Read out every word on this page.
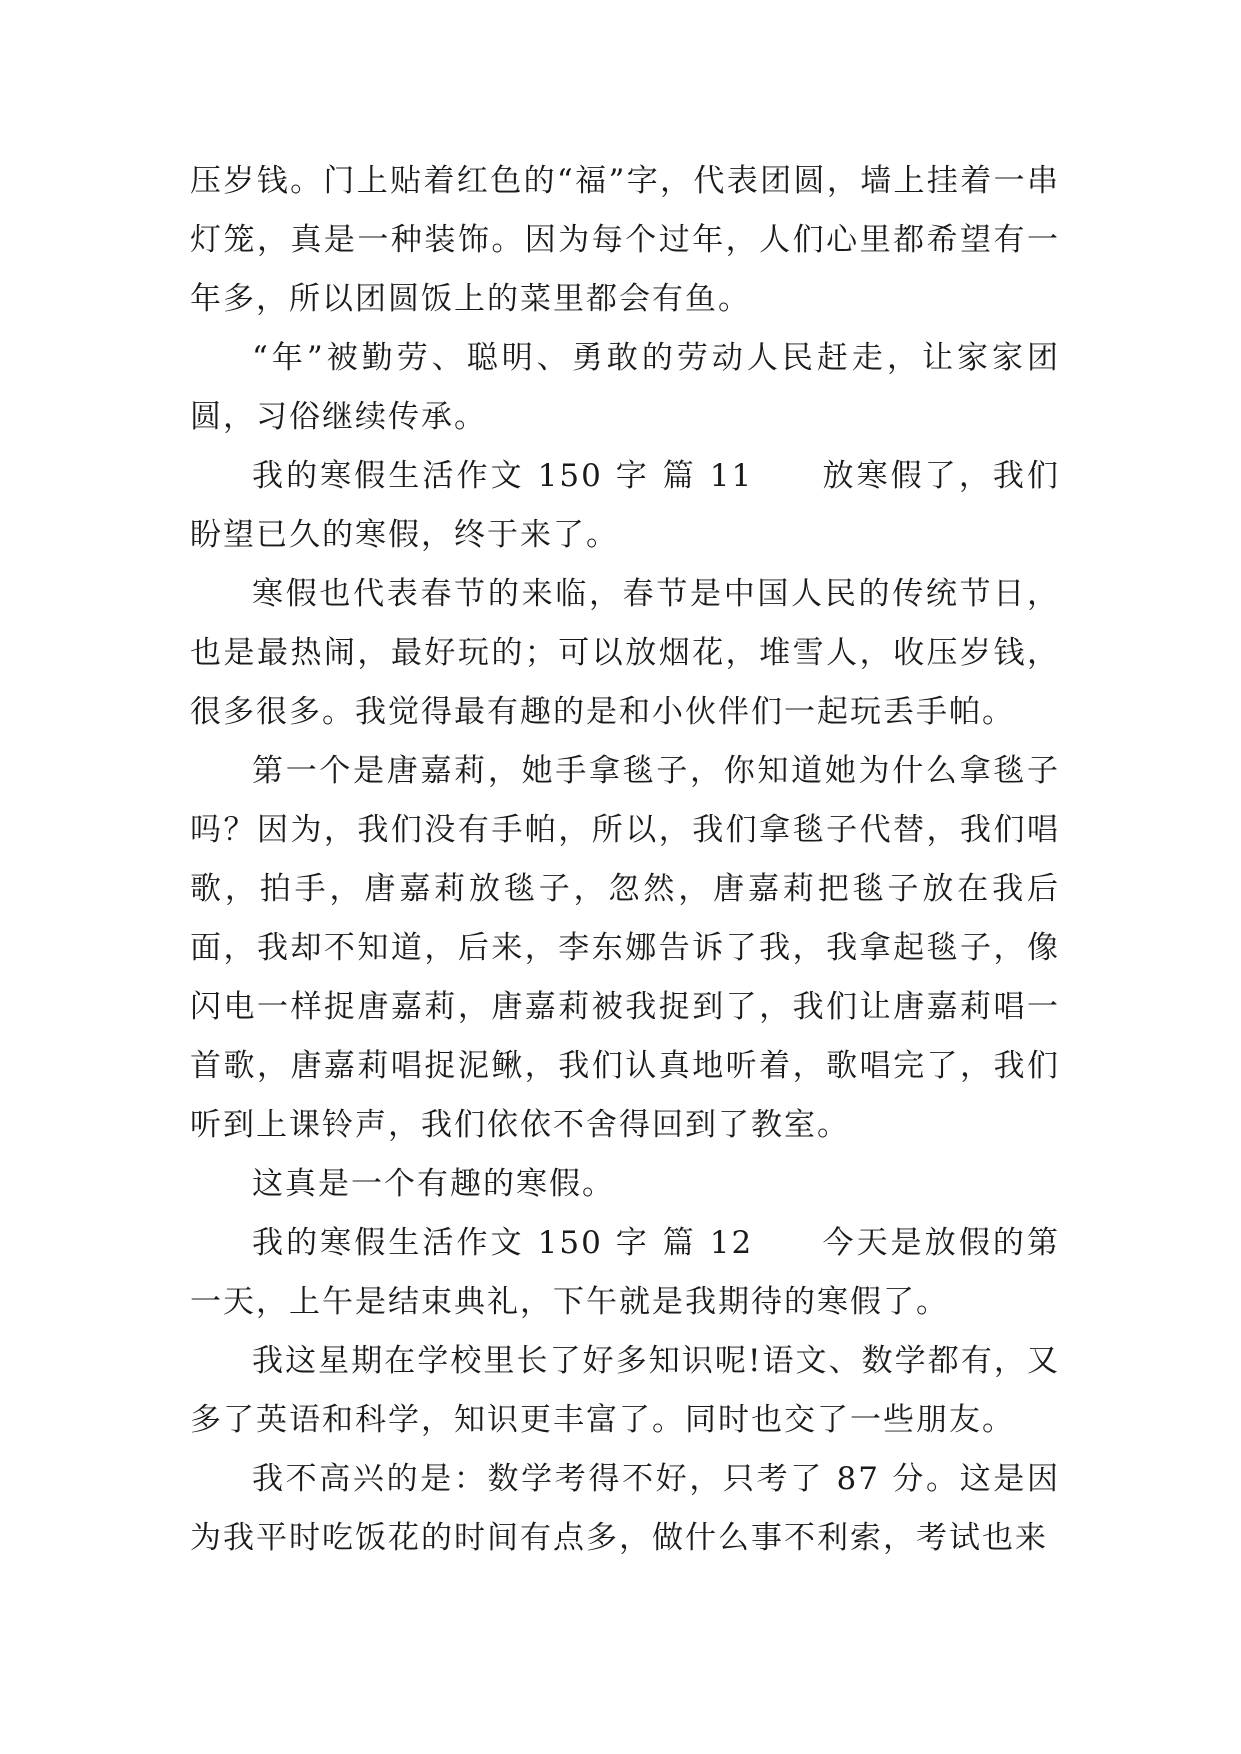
压岁钱。门上贴着红色的“福”字，代表团圆，墙上挂着一串灯笼，真是一种装饰。因为每个过年，人们心里都希望有一年多，所以团圆饭上的菜里都会有鱼。

“年”被勤劳、聪明、勇敢的劳动人民赶走，让家家团圆，习俗继续传承。

我的寒假生活作文 150 字 篇 11　　放寒假了，我们盼望已久的寒假，终于来了。

寒假也代表春节的来临，春节是中国人民的传统节日，也是最热闹，最好玩的；可以放烟花，堆雪人，收压岁钱，很多很多。我觉得最有趣的是和小伙伴们一起玩丢手帕。

第一个是唐嘉莉，她手拿毯子，你知道她为什么拿毯子吗？因为，我们没有手帕，所以，我们拿毯子代替，我们唱歌，拍手，唐嘉莉放毯子，忽然，唐嘉莉把毯子放在我后面，我却不知道，后来，李东娜告诉了我，我拿起毯子，像闪电一样捉唐嘉莉，唐嘉莉被我捉到了，我们让唐嘉莉唱一首歌，唐嘉莉唱捉泥鳅，我们认真地听着，歌唱完了，我们听到上课铃声，我们依依不舍得回到了教室。

这真是一个有趣的寒假。

我的寒假生活作文 150 字 篇 12　　今天是放假的第一天，上午是结束典礼，下午就是我期待的寒假了。

我这星期在学校里长了好多知识呢!语文、数学都有，又多了英语和科学，知识更丰富了。同时也交了一些朋友。

我不高兴的是：数学考得不好，只考了 87 分。这是因为我平时吃饭花的时间有点多，做什么事不利索，考试也来
